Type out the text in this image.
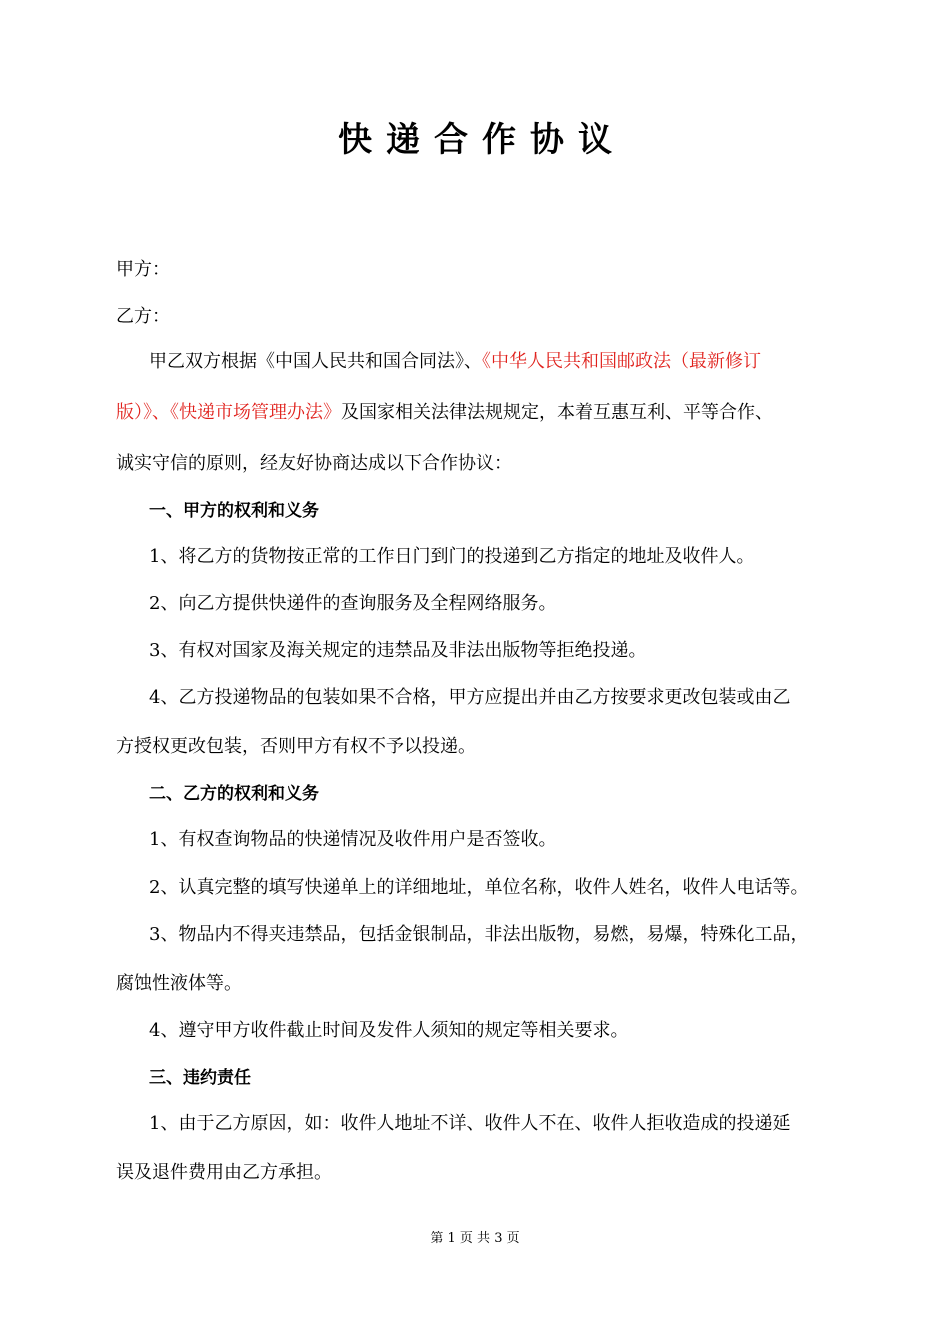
快递合作协议
甲方：
乙方：
甲乙双方根据《中国人民共和国合同法》、《中华人民共和国邮政法（最新修订
版）》、《快递市场管理办法》及国家相关法律法规规定，本着互惠互利、平等合作、
诚实守信的原则，经友好协商达成以下合作协议：
一、甲方的权利和义务
1、将乙方的货物按正常的工作日门到门的投递到乙方指定的地址及收件人。
2、向乙方提供快递件的查询服务及全程网络服务。
3、有权对国家及海关规定的违禁品及非法出版物等拒绝投递。
4、乙方投递物品的包装如果不合格，甲方应提出并由乙方按要求更改包装或由乙
方授权更改包装，否则甲方有权不予以投递。
二、乙方的权利和义务
1、有权查询物品的快递情况及收件用户是否签收。
2、认真完整的填写快递单上的详细地址，单位名称，收件人姓名，收件人电话等。
3、物品内不得夹违禁品，包括金银制品，非法出版物，易燃，易爆，特殊化工品，
腐蚀性液体等。
4、遵守甲方收件截止时间及发件人须知的规定等相关要求。
三、违约责任
1、由于乙方原因，如：收件人地址不详、收件人不在、收件人拒收造成的投递延
误及退件费用由乙方承担。
第 1 页 共 3 页
